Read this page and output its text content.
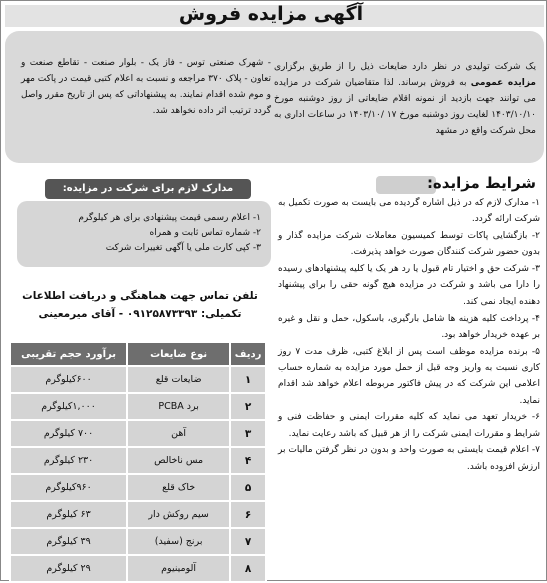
آگهی مزایده فروش
یک شرکت تولیدی در نظر دارد ضایعات ذیل را از طریق برگزاری مزایده عمومی به فروش برساند. لذا متقاضیان شرکت در مزایده می توانند جهت بازدید از نمونه اقلام ضایعاتی از روز دوشنبه مورخ ۱۴۰۳/۱۰/۱۰ لغایت روز دوشنبه مورخ ۱۷ /۱۴۰۳/۱۰ در ساعات اداری به محل شرکت واقع در مشهد
- شهرک صنعتی توس - فاز یک - بلوار صنعت - تقاطع صنعت و تعاون - پلاک ۳۷۰ مراجعه و نسبت به اعلام کتبی قیمت در پاکت مهر و موم شده اقدام نمایند. به پیشنهاداتی که پس از تاریخ مقرر واصل گردد ترتیب اثر داده نخواهد شد.
شرایط مزایده:
۱- مدارک لازم که در ذیل اشاره گردیده می بایست به صورت تکمیل به شرکت ارائه گردد.
۲- بازگشایی پاکات توسط کمیسیون معاملات شرکت مزایده گذار و بدون حضور شرکت کنندگان صورت خواهد پذیرفت.
۳- شرکت حق و اختیار تام قبول یا رد هر یک یا کلیه پیشنهادهای رسیده را دارا می باشد و شرکت در مزایده هیچ گونه حقی را برای پیشنهاد دهنده ایجاد نمی کند.
۴- پرداخت کلیه هزینه ها شامل بارگیری، باسکول، حمل و نقل و غیره بر عهده خریدار خواهد بود.
۵- برنده مزایده موظف است پس از ابلاغ کتبی، ظرف مدت ۷ روز کاری نسبت به واریز وجه قبل از حمل مورد مزایده به شماره حساب اعلامی این شرکت که در پیش فاکتور مربوطه اعلام خواهد شد اقدام نماید.
۶- خریدار تعهد می نماید که کلیه مقررات ایمنی و حفاظت فنی و شرایط و مقررات ایمنی شرکت را از هر قبیل که باشد رعایت نماید.
۷- اعلام قیمت بایستی به صورت واحد و بدون در نظر گرفتن مالیات بر ارزش افزوده باشد.
۱- اعلام رسمی قیمت پیشنهادی برای هر کیلوگرم
۲- شماره تماس ثابت و همراه
۳- کپی کارت ملی یا آگهی تغییرات شرکت
مدارک لازم برای شرکت در مزایده:
تلفن تماس جهت هماهنگی و دریافت اطلاعات
تکمیلی: ۰۹۱۲۵۸۷۳۳۹۳ - آقای میرمعینی
ردیف	نوع ضایعات	برآورد حجم تقریبی
۱	ضایعات قلع	۶۰۰کیلوگرم
۲	برد PCBA	۱,۰۰۰کیلوگرم
۳	آهن	۷۰۰ کیلوگرم
۴	مس ناخالص	۲۳۰ کیلوگرم
۵	خاک قلع	۹۶۰کیلوگرم
۶	سیم روکش دار	۶۳ کیلوگرم
۷	برنج (سفید)	۳۹ کیلوگرم
۸	آلومینیوم	۲۹ کیلوگرم
